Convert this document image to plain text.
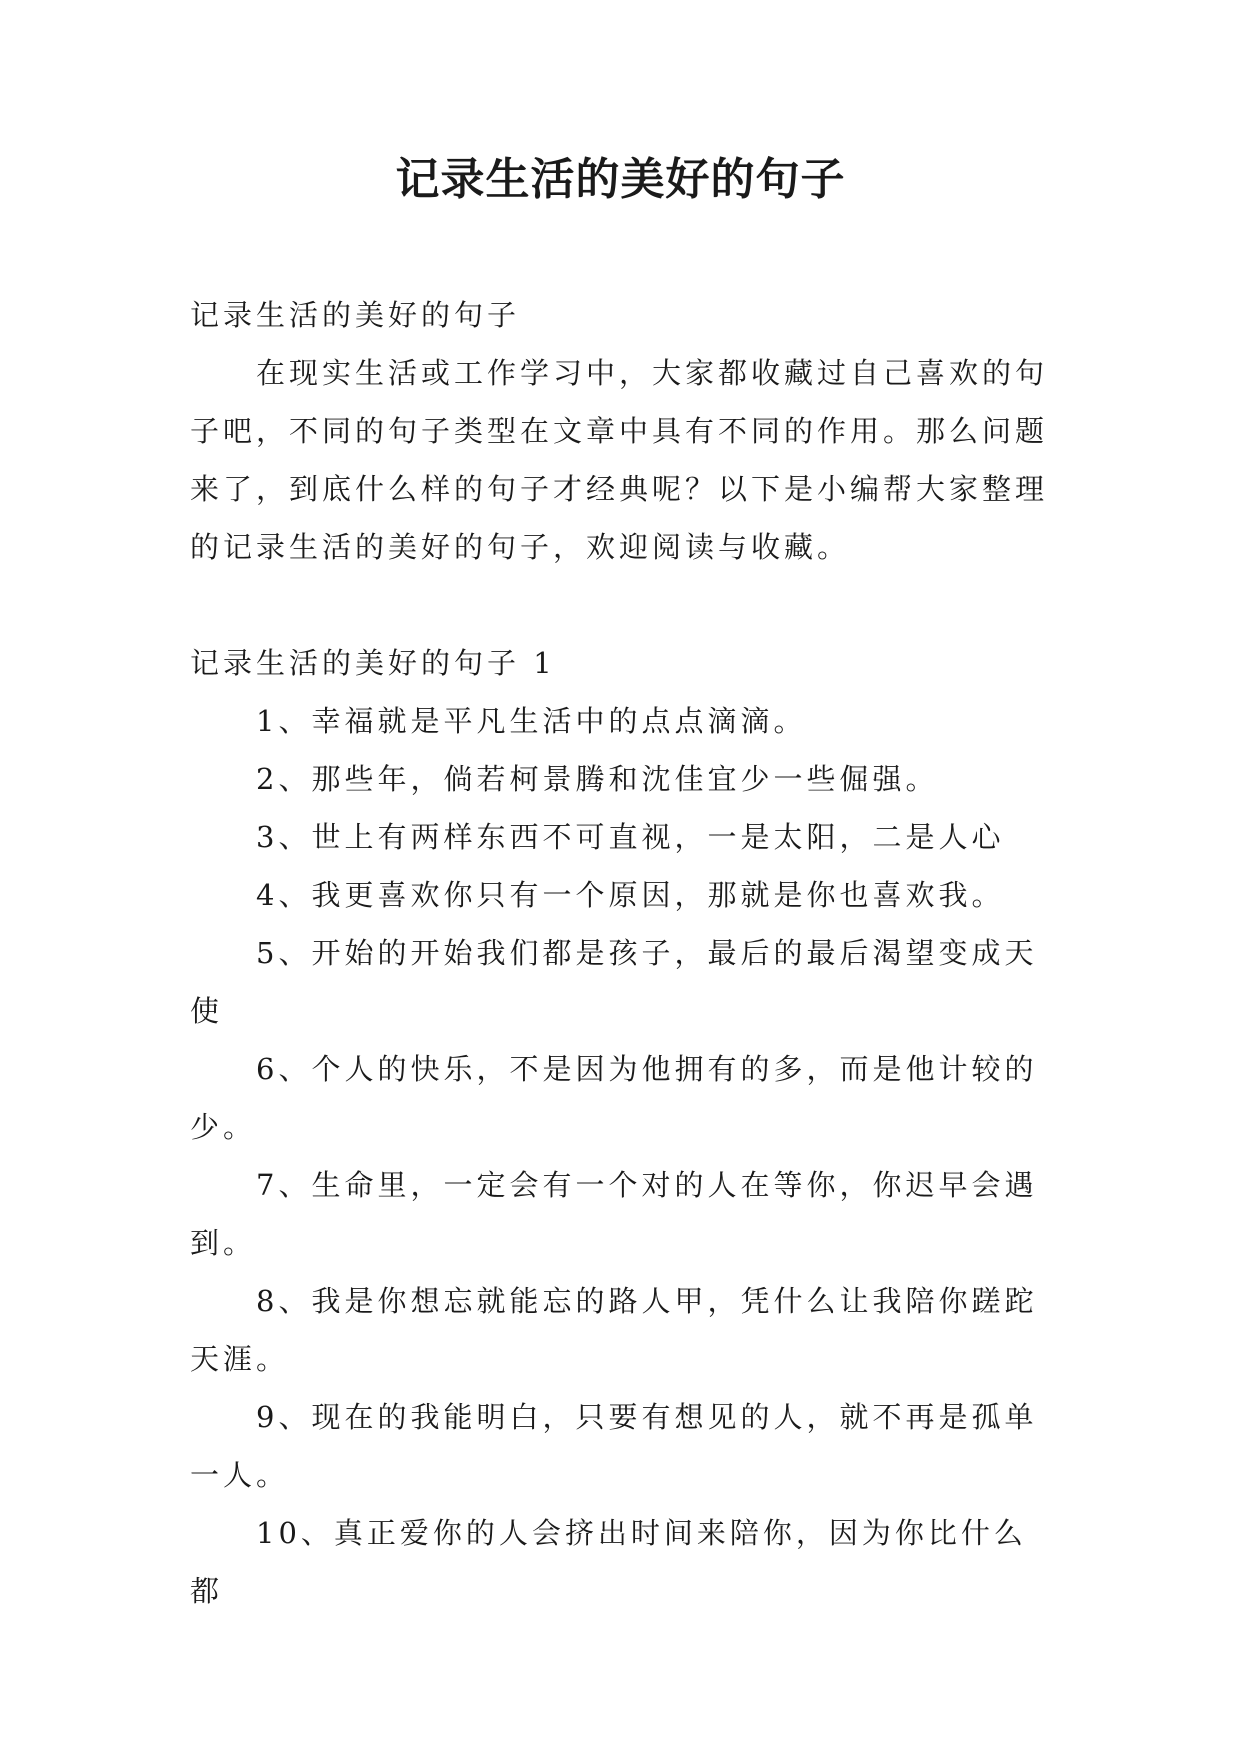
记录生活的美好的句子

记录生活的美好的句子

在现实生活或工作学习中，大家都收藏过自己喜欢的句子吧，不同的句子类型在文章中具有不同的作用。那么问题来了，到底什么样的句子才经典呢？以下是小编帮大家整理的记录生活的美好的句子，欢迎阅读与收藏。

记录生活的美好的句子 1

1、幸福就是平凡生活中的点点滴滴。

2、那些年，倘若柯景腾和沈佳宜少一些倔强。

3、世上有两样东西不可直视，一是太阳，二是人心

4、我更喜欢你只有一个原因，那就是你也喜欢我。

5、开始的开始我们都是孩子，最后的最后渴望变成天使

6、个人的快乐，不是因为他拥有的多，而是他计较的少。

7、生命里，一定会有一个对的人在等你，你迟早会遇到。

8、我是你想忘就能忘的路人甲，凭什么让我陪你蹉跎天涯。

9、现在的我能明白，只要有想见的人，就不再是孤单一人。

10、真正爱你的人会挤出时间来陪你，因为你比什么都
